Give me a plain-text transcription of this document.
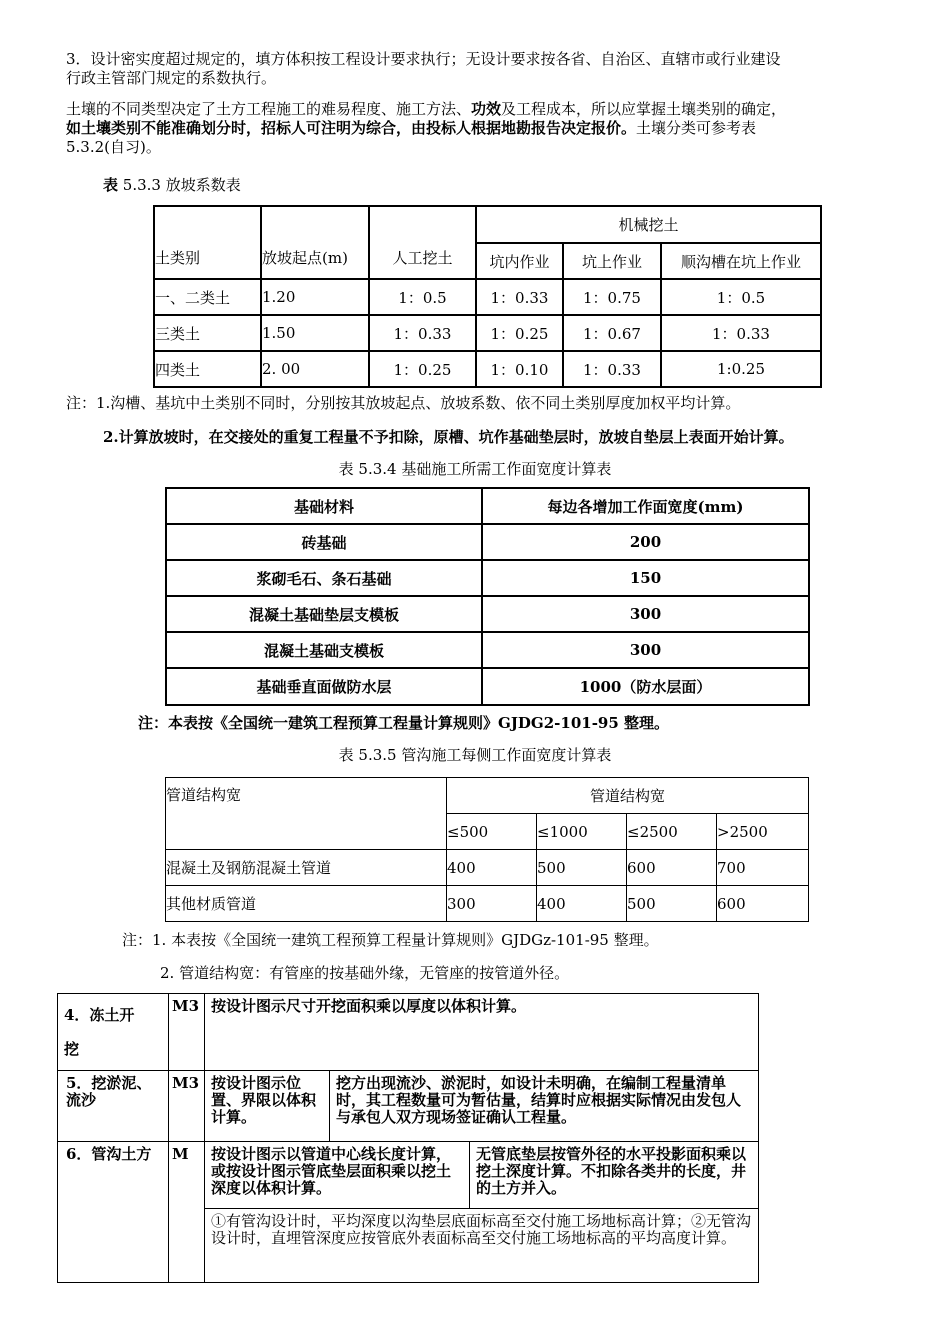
3．设计密实度超过规定的，填方体积按工程设计要求执行；无设计要求按各省、自治区、直辖市或行业建设
行政主管部门规定的系数执行。
土壤的不同类型决定了土方工程施工的难易程度、施工方法、功效及工程成本，所以应掌握土壤类别的确定，
如土壤类别不能准确划分时，招标人可注明为综合，由投标人根据地勘报告决定报价。土壤分类可参考表
5.3.2(自习)。
表 5.3.3 放坡系数表
土类别	放坡起点(m)	人工挖土	机械挖土		
			坑内作业	坑上作业	顺沟槽在坑上作业
一、二类土	1.20	1：0.5	1：0.33	1：0.75	1：0.5
三类土	1.50	1：0.33	1：0.25	1：0.67	1：0.33
四类土	2. 00	1：0.25	1：0.10	1：0.33	1:0.25
注：1.沟槽、基坑中土类别不同时，分别按其放坡起点、放坡系数、依不同土类别厚度加权平均计算。
2.计算放坡时，在交接处的重复工程量不予扣除，原槽、坑作基础垫层时，放坡自垫层上表面开始计算。
表 5.3.4 基础施工所需工作面宽度计算表
基础材料	每边各增加工作面宽度(mm)
砖基础	200
浆砌毛石、条石基础	150
混凝土基础垫层支模板	300
混凝土基础支模板	300
基础垂直面做防水层	1000（防水层面）
注：本表按《全国统一建筑工程预算工程量计算规则》GJDG2-101-95 整理。
表 5.3.5 管沟施工每侧工作面宽度计算表
管道结构宽	管道结构宽			
	≤500	≤1000	≤2500	>2500
混凝土及钢筋混凝土管道	400	500	600	700
其他材质管道	300	400	500	600
注：1. 本表按《全国统一建筑工程预算工程量计算规则》GJDGz-101-95 整理。
2. 管道结构宽：有管座的按基础外缘，无管座的按管道外径。
4．冻土开
挖	M3	按设计图示尺寸开挖面积乘以厚度以体积计算。		
5．挖淤泥、流沙	M3	按设计图示位置、界限以体积计算。	挖方出现流沙、淤泥时，如设计未明确，在编制工程量清单时，其工程数量可为暂估量，结算时应根据实际情况由发包人与承包人双方现场签证确认工程量。	
6．管沟土方	M	按设计图示以管道中心线长度计算，或按设计图示管底垫层面积乘以挖土深度以体积计算。		无管底垫层按管外径的水平投影面积乘以挖土深度计算。不扣除各类井的长度，井的土方并入。
		①有管沟设计时，平均深度以沟垫层底面标高至交付施工场地标高计算；②无管沟设计时，直埋管深度应按管底外表面标高至交付施工场地标高的平均高度计算。		
